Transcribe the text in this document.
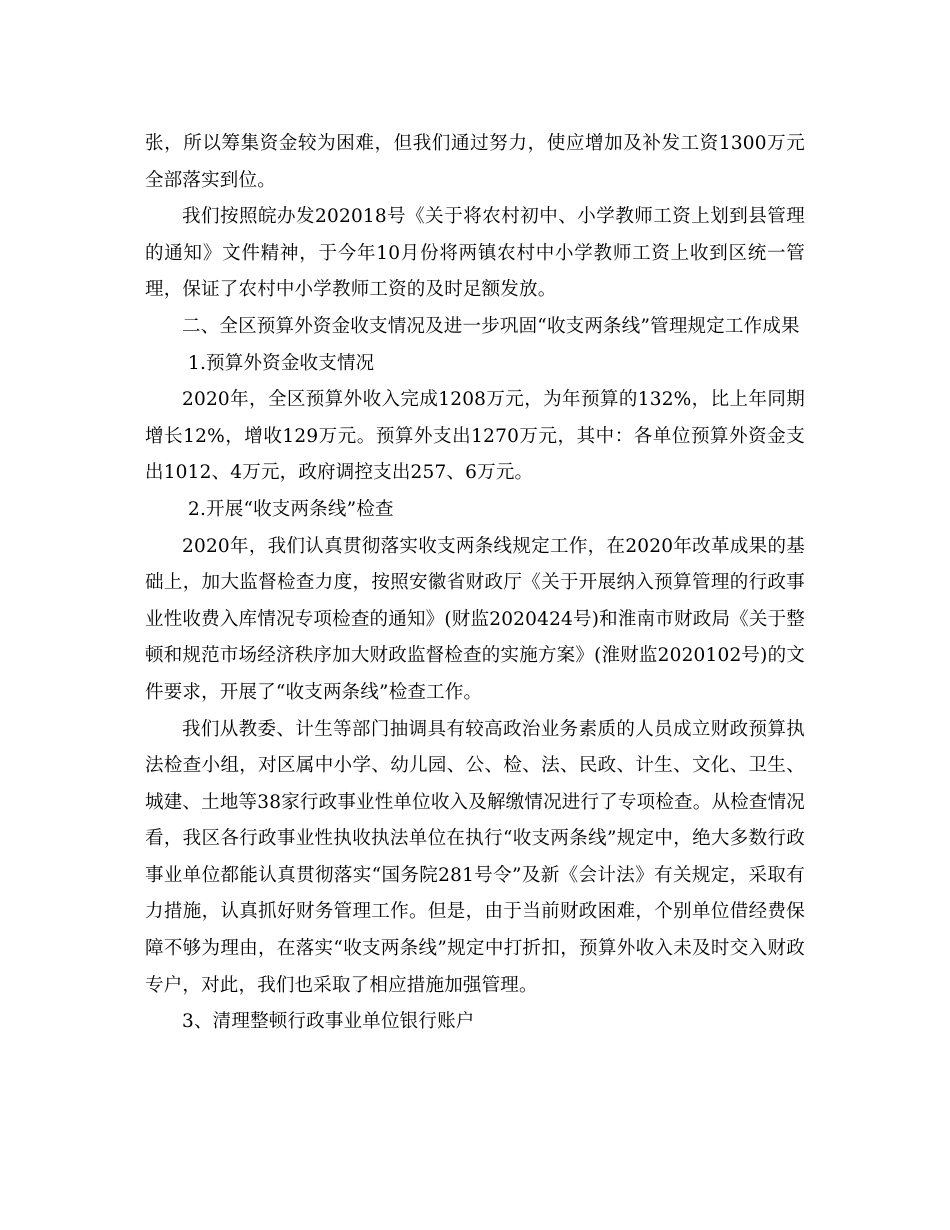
张，所以筹集资金较为困难，但我们通过努力，使应增加及补发工资1300万元全部落实到位。

我们按照皖办发202018号《关于将农村初中、小学教师工资上划到县管理的通知》文件精神，于今年10月份将两镇农村中小学教师工资上收到区统一管理，保证了农村中小学教师工资的及时足额发放。

二、全区预算外资金收支情况及进一步巩固“收支两条线”管理规定工作成果

1.预算外资金收支情况

2020年，全区预算外收入完成1208万元，为年预算的132%，比上年同期增长12%，增收129万元。预算外支出1270万元，其中：各单位预算外资金支出1012、4万元，政府调控支出257、6万元。

2.开展“收支两条线”检查

2020年，我们认真贯彻落实收支两条线规定工作，在2020年改革成果的基础上，加大监督检查力度，按照安徽省财政厅《关于开展纳入预算管理的行政事业性收费入库情况专项检查的通知》(财监2020424号)和淮南市财政局《关于整顿和规范市场经济秩序加大财政监督检查的实施方案》(淮财监2020102号)的文件要求，开展了“收支两条线”检查工作。

我们从教委、计生等部门抽调具有较高政治业务素质的人员成立财政预算执法检查小组，对区属中小学、幼儿园、公、检、法、民政、计生、文化、卫生、城建、土地等38家行政事业性单位收入及解缴情况进行了专项检查。从检查情况看，我区各行政事业性执收执法单位在执行“收支两条线”规定中，绝大多数行政事业单位都能认真贯彻落实“国务院281号令”及新《会计法》有关规定，采取有力措施，认真抓好财务管理工作。但是，由于当前财政困难，个别单位借经费保障不够为理由，在落实“收支两条线”规定中打折扣，预算外收入未及时交入财政专户，对此，我们也采取了相应措施加强管理。

3、清理整顿行政事业单位银行账户
